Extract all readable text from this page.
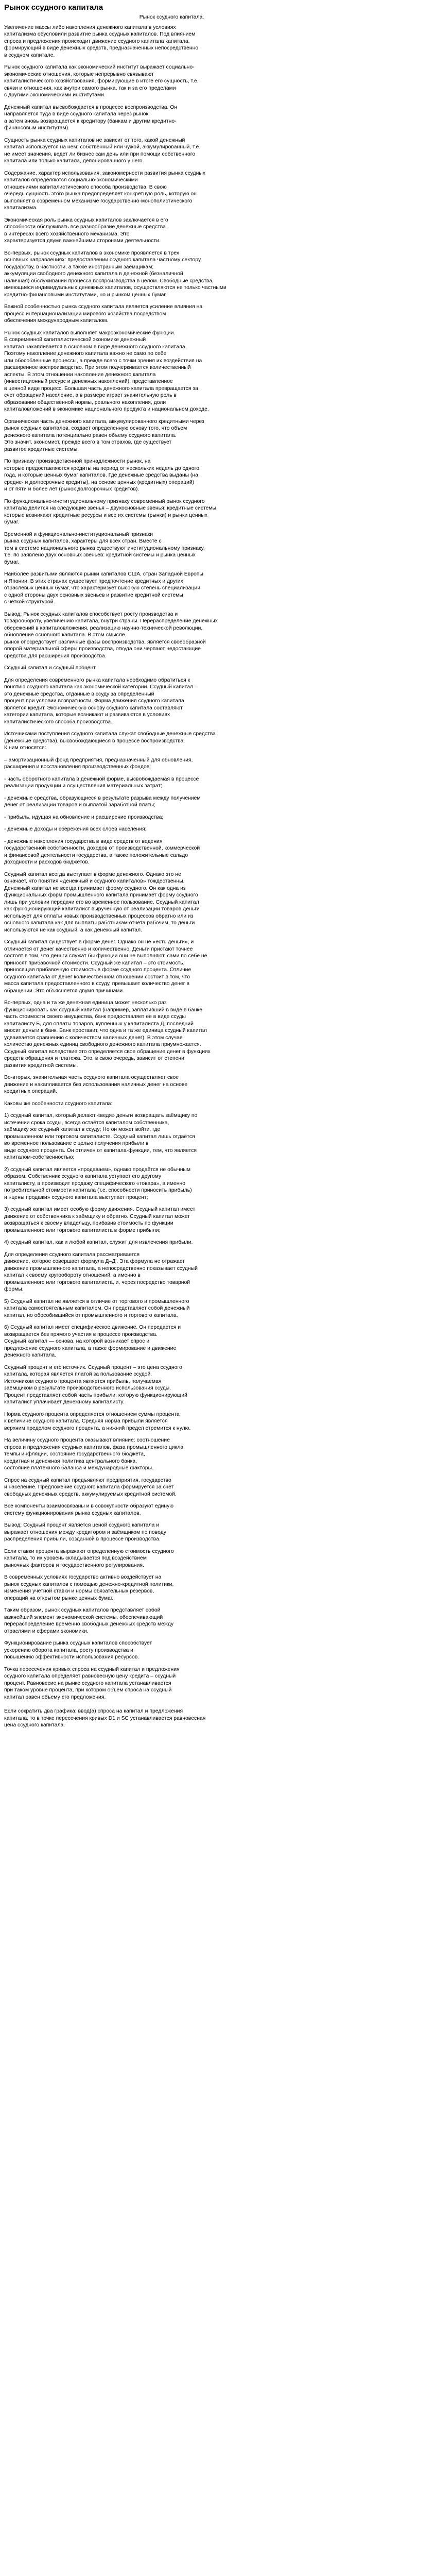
Рынок ссудного капитала
Рынок ссудного капитала.
Увеличение массы либо накопления денежного капитала в условиях
капитализма обусловили развитие рынка ссудных капиталов. Под влиянием
спроса и предложения происходит движение ссудного капитала капитала,
формирующий в виде денежных средств, предназначенных непосредственно
в ссудном капитале.
Рынок ссудного капитала как экономический институт выражает социально-
экономические отношения, которые непрерывно связывают
капиталистического хозяйствования, формирующие в итоге его сущность, т.е.
связи и отношения, как внутри самого рынка, так и за его пределами
с другими экономическими институтами.
Денежный капитал высвобождается в процессе воспроизводства. Он
направляется туда в виде ссудного капитала через рынок,
а затем вновь возвращается к кредитору (банкам и другим кредитно-
финансовым институтам).
Сущность рынка ссудных капиталов не зависит от того, какой денежный
капитал используется на нём: собственный или чужой, аккумулированный, т.е.
не имеет значения, ведет ли бизнес сам день или при помощи собственного
капитала или только капитала, депонированного у него.
Содержание, характер использования, закономерности развития рынка ссудных
капиталов определяются социально-экономическими
отношениями капиталистического способа производства. В свою
очередь сущность этого рынка предопределяет конкретную роль, которую он
выполняет в современном механизме государственно-монополистического
капитализма.
Экономическая роль рынка ссудных капиталов заключается в его
способности обслуживать все разнообразие денежные средства
в интересах всего хозяйственного механизма. Это
характеризуется двумя важнейшими сторонами деятельности.
Во-первых, рынок ссудных капиталов в экономике проявляется в трех
основных направлениях: предоставлении ссудного капитала частному сектору,
государству, в частности, а также иностранным заемщикам;
аккумуляции свободного денежного капитала в денежной (безналичной
наличная) обслуживании процесса воспроизводства в целом. Свободные средства,
имеющиеся индивидуальных денежных капиталов, осуществляются не только частными
кредитно-финансовыми институтами, но и рынком ценных бумаг.
Важной особенностью рынка ссудного капитала является усиление влияния на
процесс интернационализации мирового хозяйства посредством
обеспечения международным капиталом.
Рынок ссудных капиталов выполняет макроэкономические функции.
В современной капиталистической экономике денежный
капитал накапливается в основном в виде денежного ссудного капитала.
Поэтому накопление денежного капитала важно не само по себе
или обособленные процессы, а прежде всего с точки зрения их воздействия на
расширенное воспроизводство. При этом подчеркивается количественный
аспекты. В этом отношении накопление денежного капитала
(инвестиционный ресурс и денежных накоплений), представленное
в ценной виде процесс. Большая часть денежного капитала превращается за
счет обращений население, а в размере играет значительную роль в
образовании общественной нормы, реального накопления, доли
капиталовложений в экономике национального продукта и национальном доходе.
Органическая часть денежного капитала, аккумулированного кредитными через
рынок ссудных капиталов, создает определенную основу того, что объем
денежного капитала потенциально равен объему ссудного капитала.
Это значит, экономист, прежде всего в том страхов, где существует
развитое кредитные системы.
По признаку производственной принадлежности рынок, на
которые предоставляются кредиты на период от нескольких недель до одного
года, и которые ценных бумаг капиталов. Где денежные средства выданы (на
средне- и долгосрочные кредиты), на основе ценных (кредитных) операций)
и от пяти и более лет (рынок долгосрочных кредитов).
По функционально-институциональному признаку современный рынок ссудного
капитала делится на следующие звенья – двухосновные звенья: кредитные системы,
которые возникают кредитные ресурсы и все их системы (рынки) и рынки ценных
бумаг.
Временной и функционально-институциональный признаки
рынка ссудных капиталов, характеры для всех стран. Вместе с
тем в системе национального рынка существуют институциональному признаку,
т.е. по заявлено двух основных звеньев: кредитной системы и рынка ценных
бумаг.
Наиболее развитыми являются рынки капиталов США, стран Западной Европы
и Японии. В этих странах существует предпочтение кредитных и других
отраслевых ценных бумаг, что характеризует высокую степень специализации
с одной стороны двух основных звеньев и развитие кредитной системы
с четкой структурой.
Вывод: Рынок ссудных капиталов способствует росту производства и
товарообороту, увеличению капитала, внутри страны. Перераспределение денежных
сбережений в капиталовложения, реализацию научно-технической революции,
обновление основного капитала. В этом смысле
рынок опосредствует различные фазы воспроизводства, является своеобразной
опорой материальной сферы производства, откуда они черпают недостающие
средства для расширения производства.
Ссудный капитал и ссудный процент
Для определения современного рынка капитала необходимо обратиться к
понятию ссудного капитала как экономической категории. Ссудный капитал –
это денежные средства, отданные в ссуду за определенный
процент при условии возвратности. Форма движения ссудного капитала
является кредит. Экономическую основу ссудного капитала составляют
категории капитала, которые возникают и развиваются в условиях
капиталистического способа производства.
Источниками поступления ссудного капитала служат свободные денежные средства
(денежные средства), высвобождающиеся в процессе воспроизводства.
К ним относятся:
– амортизационный фонд предприятия, предназначенный для обновления,
расширения и восстановления производственных фондов;
- часть оборотного капитала в денежной форме, высвобождаемая в процессе
реализации продукции и осуществления материальных затрат;
- денежные средства, образующиеся в результате разрыва между получением
денег от реализации товаров и выплатой заработной платы;
- прибыль, идущая на обновление и расширение производства;
- денежные доходы и сбережения всех слоев населения;
- денежные накопления государства в виде средств от ведения
государственной собственности, доходов от производственной, коммерческой
и финансовой деятельности государства, а также положительные сальдо
доходности и расходов бюджетов.
Ссудный капитал всегда выступает в форме денежного. Однако это не
означает, что понятия «денежный и ссудного капиталов» тождественны.
Денежный капитал не всегда принимает форму ссудного. Он как одна из
функциональных форм промышленного капитала принимает форму ссудного
лишь при условии передачи его во временное пользование. Ссудный капитал
как функционирующий капиталист вырученную от реализации товаров деньги
использует для оплаты новых производственных процессов обратно или из
основного капитала как для выплаты работникам отчета рабочим, то деньги
используются не как ссудный, а как денежный капитал.
Ссудный капитал существует в форме денег. Однако он не «есть деньги», и
отличается от денег качественно и количественно. Деньги пристают точнее
состоят в том, что деньги служат бы функции они не выполняют, сами по себе не
приносят прибавочной стоимости. Ссудный же капитал – это стоимость,
приносящая прибавочную стоимость в форме ссудного процента. Отличие
ссудного капитала от денег количественном отношении состоит в том, что
масса капитала предоставленного в ссуду, превышает количество денег в
обращении. Это объясняется двумя причинами.
Во-первых, одна и та же денежная единица может несколько раз
функционировать как ссудный капитал (например, заплативший в виде в банке
часть стоимости своего имущества, банк предоставляет ее в виде ссуды
капиталисту Б, для оплаты товаров, купленных у капиталиста Д, последний
вносит деньги в банк. Банк проставит, что одна и та же единица ссудный капитал
удваивается сравнению с количеством наличных денег). В этом случае
количество денежных единиц свободного денежного капитала приумножается.
Ссудный капитал вследствие это определяется свое обращение денег в функциях
средств обращения и платежа. Это, в свою очередь, зависит от степени
развития кредитной системы.
Во-вторых, значительная часть ссудного капитала осуществляет свое
движение и накапливается без использования наличных денег на основе
кредитных операций.
Каковы же особенности ссудного капитала:
1) ссудный капитал, который делают «ведя» деньги возвращать заёмщику по
истечении срока ссуды, всегда остаётся капиталом собственника,
заёмщику же ссудный капитал в ссуду; Но он может войти, где
промышленном или торговом капиталисте. Ссудный капитал лишь отдаётся
во временное пользование с целью получения прибыли в
виде ссудного процента. Он отличен от капитала-функции, тем, что является
капиталом-собственностью;
2) ссудный капитал является «продаваем», однако продаётся не обычным
образом. Собственник ссудного капитала уступает его другому
капиталисту, а производит продажу специфического «товара», а именно
потребительной стоимости капитала (т.е. способности приносить прибыль)
и «цены продажи» ссудного капитала выступает процент;
3) ссудный капитал имеет особую форму движения. Ссудный капитал имеет
движение от собственника к заёмщику и обратно. Ссудный капитал может
возвращаться к своему владельцу, прибавив стоимость по функции
промышленного или торгового капиталиста в форме прибыли;
4) ссудный капитал, как и любой капитал, служит для извлечения прибыли.
Для определения ссудного капитала рассматривается
движение, которое совершает формула Д–Д'. Эта формула не отражает
движение промышленного капитала, а непосредственно показывает ссудный
капитал к своему кругообороту отношений, а именно в
промышленного или торгового капиталиста, и, через посредство товарной
формы.
5) Ссудный капитал не является в отличие от торгового и промышленного
капитала самостоятельным капиталом. Он представляет собой денежный
капитал, но обособившийся от промышленного и торгового капитала.
6) Ссудный капитал имеет специфическое движение. Он передается и
возвращается без прямого участия в процессе производства.
Ссудный капитал — основа, на которой возникает спрос и
предложение ссудного капитала, а также формирование и движение
денежного капитала.
Ссудный процент и его источник. Ссудный процент – это цена ссудного
капитала, которая является платой за пользование ссудой.
Источником ссудного процента является прибыль, получаемая
заёмщиком в результате производственного использования ссуды.
Процент представляет собой часть прибыли, которую функционирующий
капиталист уплачивает денежному капиталисту.
Норма ссудного процента определяется отношением суммы процента
к величине ссудного капитала. Средняя норма прибыли является
верхним пределом ссудного процента, а нижний предел стремится к нулю.
На величину ссудного процента оказывают влияние: соотношение
спроса и предложения ссудных капиталов, фаза промышленного цикла,
темпы инфляции, состояние государственного бюджета,
кредитная и денежная политика центрального банка,
состояние платёжного баланса и международные факторы.
Спрос на ссудный капитал предъявляют предприятия, государство
и население. Предложение ссудного капитала формируется за счет
свободных денежных средств, аккумулируемых кредитной системой.
Все компоненты взаимосвязаны и в совокупности образуют единую
систему функционирования рынка ссудных капиталов.
Вывод: Ссудный процент является ценой ссудного капитала и
выражает отношения между кредитором и заёмщиком по поводу
распределения прибыли, созданной в процессе производства.
Если ставки процента выражают определенную стоимость ссудного
капитала, то их уровень складывается под воздействием
рыночных факторов и государственного регулирования.
В современных условиях государство активно воздействует на
рынок ссудных капиталов с помощью денежно-кредитной политики,
изменения учетной ставки и нормы обязательных резервов,
операций на открытом рынке ценных бумаг.
Таким образом, рынок ссудных капиталов представляет собой
важнейший элемент экономической системы, обеспечивающий
перераспределение временно свободных денежных средств между
отраслями и сферами экономики.
Функционирование рынка ссудных капиталов способствует
ускорению оборота капитала, росту производства и
повышению эффективности использования ресурсов.
Точка пересечения кривых спроса на ссудный капитал и предложения
ссудного капитала определяет равновесную цену кредита – ссудный
процент. Равновесие на рынке ссудного капитала устанавливается
при таком уровне процента, при котором объем спроса на ссудный
капитал равен объему его предложения.
Если сократить два графика: ввод(а) спроса на капитал и предложения
капитала, то в точке пересечения кривых D1 и SC устанавливается равновесная
цена ссудного капитала.
